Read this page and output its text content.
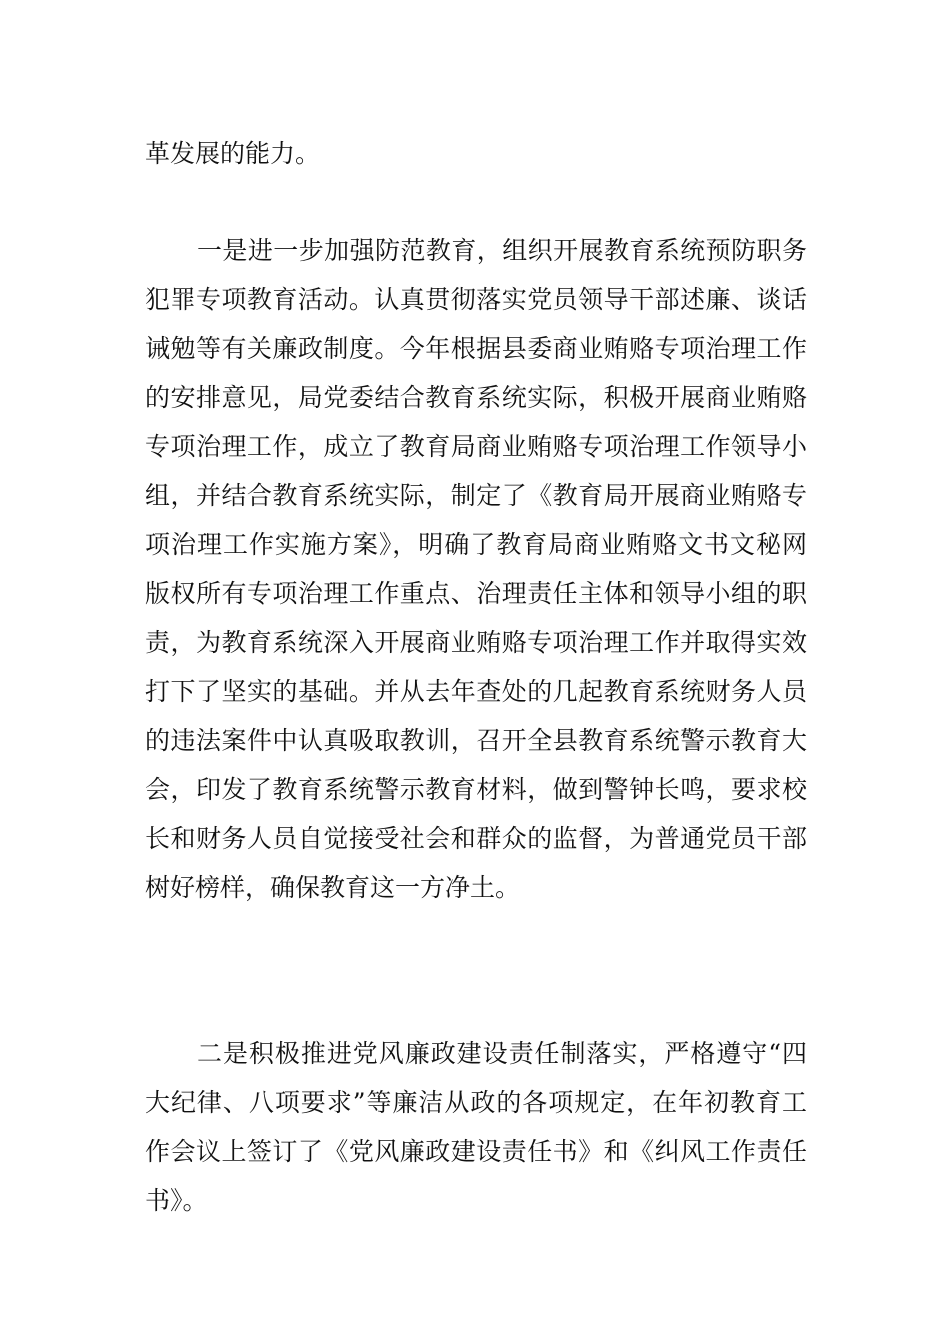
革发展的能力。

一是进一步加强防范教育，组织开展教育系统预防职务犯罪专项教育活动。认真贯彻落实党员领导干部述廉、谈话诫勉等有关廉政制度。今年根据县委商业贿赂专项治理工作的安排意见，局党委结合教育系统实际，积极开展商业贿赂专项治理工作，成立了教育局商业贿赂专项治理工作领导小组，并结合教育系统实际，制定了《教育局开展商业贿赂专项治理工作实施方案》，明确了教育局商业贿赂文书文秘网版权所有专项治理工作重点、治理责任主体和领导小组的职责，为教育系统深入开展商业贿赂专项治理工作并取得实效打下了坚实的基础。并从去年查处的几起教育系统财务人员的违法案件中认真吸取教训，召开全县教育系统警示教育大会，印发了教育系统警示教育材料，做到警钟长鸣，要求校长和财务人员自觉接受社会和群众的监督，为普通党员干部树好榜样，确保教育这一方净土。

二是积极推进党风廉政建设责任制落实，严格遵守“四大纪律、八项要求”等廉洁从政的各项规定，在年初教育工作会议上签订了《党风廉政建设责任书》和《纠风工作责任书》。
